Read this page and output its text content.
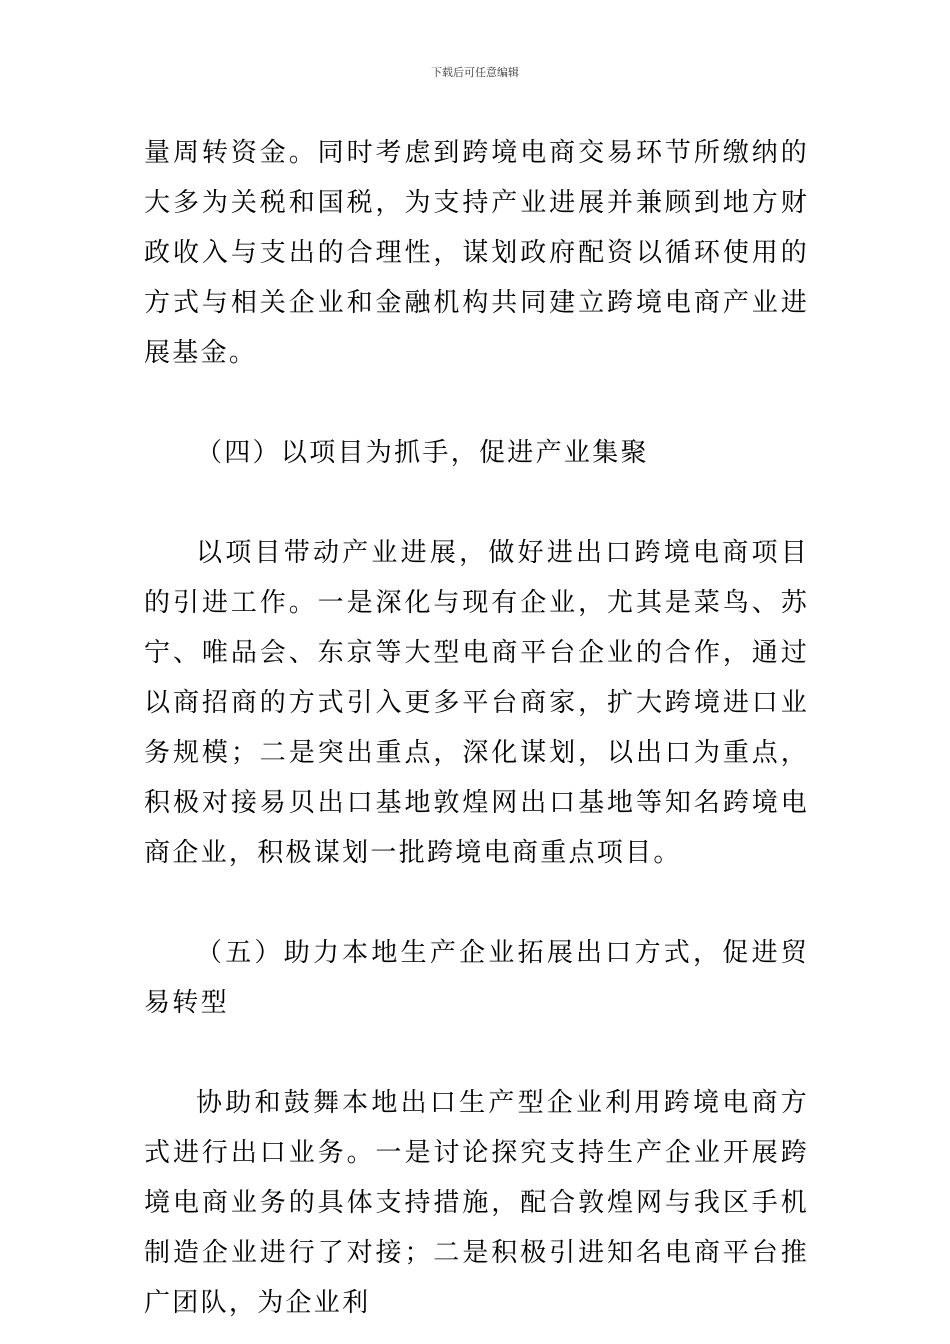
下载后可任意编辑

量周转资金。同时考虑到跨境电商交易环节所缴纳的大多为关税和国税，为支持产业进展并兼顾到地方财政收入与支出的合理性，谋划政府配资以循环使用的方式与相关企业和金融机构共同建立跨境电商产业进展基金。

（四）以项目为抓手，促进产业集聚

以项目带动产业进展，做好进出口跨境电商项目的引进工作。一是深化与现有企业，尤其是菜鸟、苏宁、唯品会、东京等大型电商平台企业的合作，通过以商招商的方式引入更多平台商家，扩大跨境进口业务规模；二是突出重点，深化谋划，以出口为重点，积极对接易贝出口基地敦煌网出口基地等知名跨境电商企业，积极谋划一批跨境电商重点项目。

（五）助力本地生产企业拓展出口方式，促进贸易转型

协助和鼓舞本地出口生产型企业利用跨境电商方式进行出口业务。一是讨论探究支持生产企业开展跨境电商业务的具体支持措施，配合敦煌网与我区手机制造企业进行了对接；二是积极引进知名电商平台推广团队，为企业利
